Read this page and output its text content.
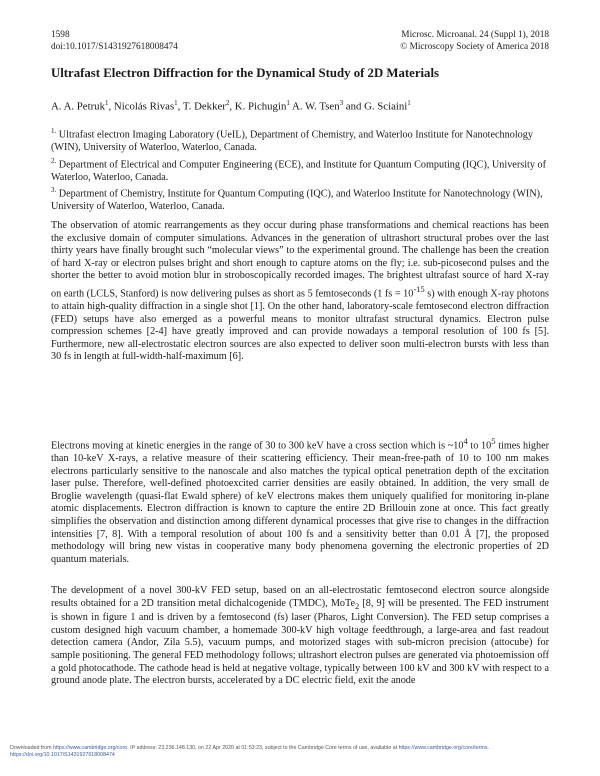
1598
doi:10.1017/S1431927618008474
Microsc. Microanal. 24 (Suppl 1), 2018
© Microscopy Society of America 2018
Ultrafast Electron Diffraction for the Dynamical Study of 2D Materials
A. A. Petruk$^1$, Nicolás Rivas$^1$, T. Dekker$^2$, K. Pichugin$^1$ A. W. Tsen$^3$ and G. Sciaini$^1$

$^{1.}$ Ultrafast electron Imaging Laboratory (UeIL), Department of Chemistry, and Waterloo Institute for Nanotechnology (WIN), University of Waterloo, Waterloo, Canada.

$^{2.}$ Department of Electrical and Computer Engineering (ECE), and Institute for Quantum Computing (IQC), University of Waterloo, Waterloo, Canada.

$^{3.}$ Department of Chemistry, Institute for Quantum Computing (IQC), and Waterloo Institute for Nanotechnology (WIN), University of Waterloo, Waterloo, Canada.

The observation of atomic rearrangements as they occur during phase transformations and chemical reactions has been the exclusive domain of computer simulations. Advances in the generation of ultrashort structural probes over the last thirty years have finally brought such “molecular views” to the experimental ground. The challenge has been the creation of hard X-ray or electron pulses bright and short enough to capture atoms on the fly; i.e. sub-picosecond pulses and the shorter the better to avoid motion blur in stroboscopically recorded images. The brightest ultrafast source of hard X-ray on earth (LCLS, Stanford) is now delivering pulses as short as 5 femtoseconds (1 fs = $10^{-15}$ s) with enough X-ray photons to attain high-quality diffraction in a single shot [1]. On the other hand, laboratory-scale femtosecond electron diffraction (FED) setups have also emerged as a powerful means to monitor ultrafast structural dynamics. Electron pulse compression schemes [2-4] have greatly improved and can provide nowadays a temporal resolution of 100 fs [5]. Furthermore, new all-electrostatic electron sources are also expected to deliver soon multi-electron bursts with less than 30 fs in length at full-width-half-maximum [6].

Electrons moving at kinetic energies in the range of 30 to 300 keV have a cross section which is $\sim 10^4$ to $10^5$ times higher than 10-keV X-rays, a relative measure of their scattering efficiency. Their mean-free-path of 10 to 100 nm makes electrons particularly sensitive to the nanoscale and also matches the typical optical penetration depth of the excitation laser pulse. Therefore, well-defined photoexcited carrier densities are easily obtained. In addition, the very small de Broglie wavelength (quasi-flat Ewald sphere) of keV electrons makes them uniquely qualified for monitoring in-plane atomic displacements. Electron diffraction is known to capture the entire 2D Brillouin zone at once. This fact greatly simplifies the observation and distinction among different dynamical processes that give rise to changes in the diffraction intensities [7, 8]. With a temporal resolution of about 100 fs and a sensitivity better than 0.01 Å [7], the proposed methodology will bring new vistas in cooperative many body phenomena governing the electronic properties of 2D quantum materials.

The development of a novel 300-kV FED setup, based on an all-electrostatic femtosecond electron source alongside results obtained for a 2D transition metal dichalcogenide (TMDC), MoTe$_2$ [8, 9] will be presented. The FED instrument is shown in figure 1 and is driven by a femtosecond (fs) laser (Pharos, Light Conversion). The FED setup comprises a custom designed high vacuum chamber, a homemade 300-kV high voltage feedthrough, a large-area and fast readout detection camera (Andor, Zila 5.5), vacuum pumps, and motorized stages with sub-micron precision (attocube) for sample positioning. The general FED methodology follows; ultrashort electron pulses are generated via photoemission off a gold photocathode. The cathode head is held at negative voltage, typically between 100 kV and 300 kV with respect to a ground anode plate. The electron bursts, accelerated by a DC electric field, exit the anode

Downloaded from https://www.cambridge.org/core. IP address: 23.236.148.130, on 22 Apr 2020 at 01:53:23, subject to the Cambridge Core terms of use, available at https://www.cambridge.org/core/terms.
https://doi.org/10.1017/S1431927618008474
